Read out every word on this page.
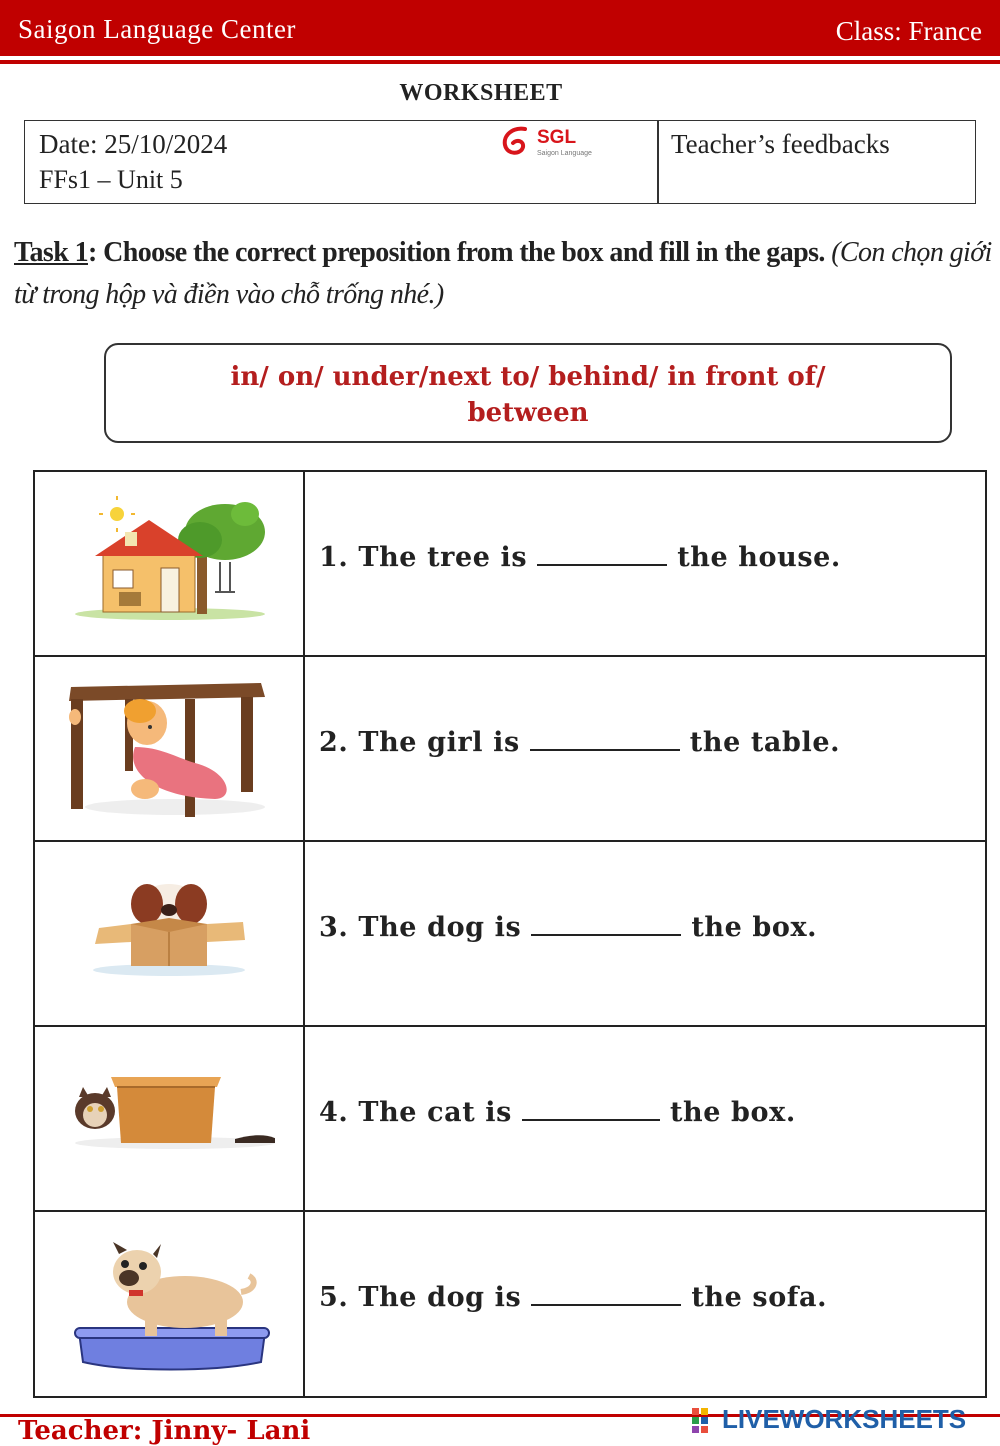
Saigon Language Center	Class: France
WORKSHEET
Date: 25/10/2024
FFs1 – Unit 5
SGL
Saigon Language	Teacher’s feedbacks
Task 1: Choose the correct preposition from the box and fill in the gaps. (Con chọn giới từ trong hộp và điền vào chỗ trống nhé.)
in/ on/ under/next to/ behind/ in front of/
between
1. The tree is	the house.
2. The girl is	the table.
3. The dog is	the box.
4. The cat is	the box.
5. The dog is	the sofa.
Teacher: Jinny- Lani	LIVEWORKSHEETS
